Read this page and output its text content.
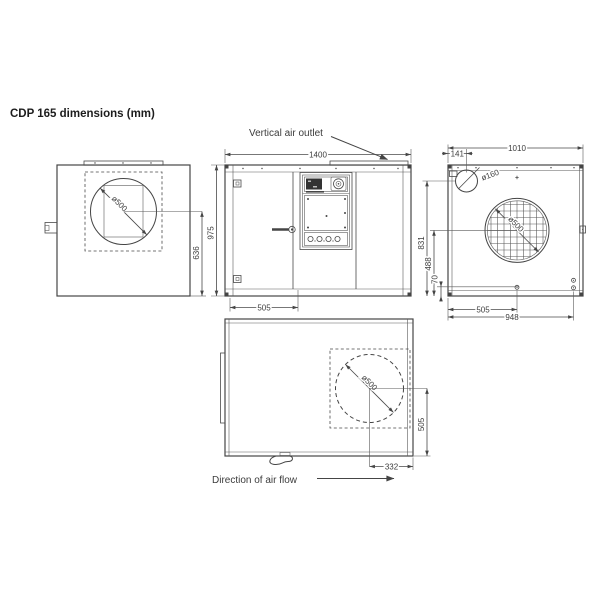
CDP 165 dimensions (mm)
ø500
636
1400
975
505
Vertical air outlet
ø160
141
1010
ø500
831
488
70
505
948
ø500
505
332
Direction of air flow
